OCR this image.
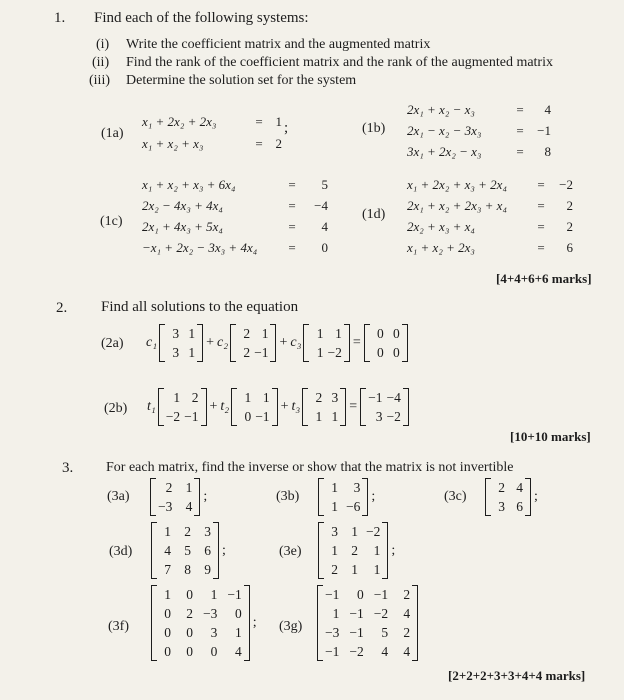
1. Find each of the following systems:
(i) Write the coefficient matrix and the augmented matrix
(ii) Find the rank of the coefficient matrix and the rank of the augmented matrix
(iii) Determine the solution set for the system
(1a)
x₁ + 2x₂ + 2x₃	= 1
x₁ + x₂ + x₃	= 2
;	(1b)
2x₁ + x₂ − x₃	=	4
2x₁ − x₂ − 3x₃	=	−1
3x₁ + 2x₂ − x₃	=	8
(1c)
x₁ + x₂ + x₃ + 6x₄	=	5
2x₂ − 4x₃ + 4x₄	=	−4
2x₁ + 4x₃ + 5x₄	=	4
−x₁ + 2x₂ − 3x₃ + 4x₄	=	0
(1d)
x₁ + 2x₂ + x₃ + 2x₄	=	−2
2x₁ + x₂ + 2x₃ + x₄	=	2
2x₂ + x₃ + x₄	=	2
x₁ + x₂ + 2x₃	=	6
[4+4+6+6 marks]
2. Find all solutions to the equation
(2a) c₁
3 1
3 1
+ c₂
2 1
2 −1
+ c₃
1 1
1 −2
=
0 0
0 0
(2b) t₁
1 2
−2 −1
+ t₂
1 1
0 −1
+ t₃
2 3
1 1
=
−1 −4
3 −2
[10+10 marks]
3. For each matrix, find the inverse or show that the matrix is not invertible
(3a)
2 1
−3 4
;	(3b)
1	3
1 −6
;	(3c)
2 4
3 6
;
(3d)
1 2 3
4 5 6
7 8 9
;	(3e)
3 1 −2
1 2	1
2 1	1
;
(3f)
1	0	1 −1
0	2 −3	0
0	0	3	1
0	0	0	4
; (3g)
−1	0 −1	2
1 −1 −2	4
−3 −1	5	2
−1 −2	4	4
[2+2+2+3+3+4+4 marks]
